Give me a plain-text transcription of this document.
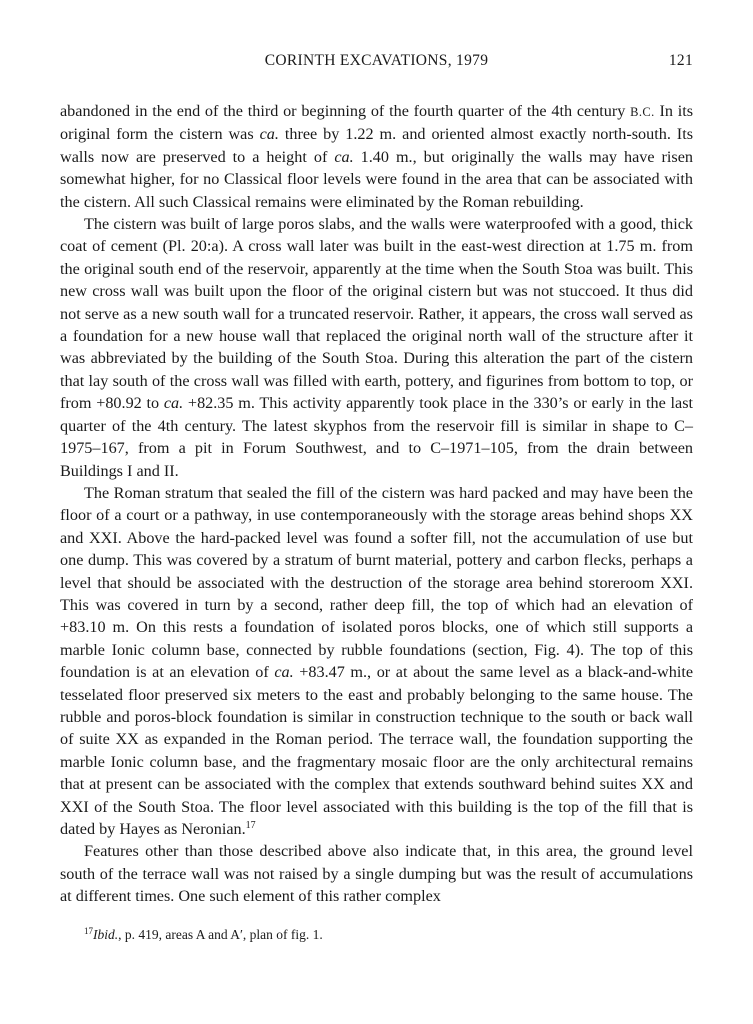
CORINTH EXCAVATIONS, 1979	121

abandoned in the end of the third or beginning of the fourth quarter of the 4th century B.C. In its original form the cistern was ca. three by 1.22 m. and oriented almost exactly north-south. Its walls now are preserved to a height of ca. 1.40 m., but originally the walls may have risen somewhat higher, for no Classical floor levels were found in the area that can be associated with the cistern. All such Classical remains were eliminated by the Roman rebuilding.

The cistern was built of large poros slabs, and the walls were waterproofed with a good, thick coat of cement (Pl. 20:a). A cross wall later was built in the east-west direction at 1.75 m. from the original south end of the reservoir, apparently at the time when the South Stoa was built. This new cross wall was built upon the floor of the original cistern but was not stuccoed. It thus did not serve as a new south wall for a truncated reservoir. Rather, it appears, the cross wall served as a foundation for a new house wall that replaced the original north wall of the structure after it was abbreviated by the building of the South Stoa. During this alteration the part of the cistern that lay south of the cross wall was filled with earth, pottery, and figurines from bottom to top, or from +80.92 to ca. +82.35 m. This activity apparently took place in the 330’s or early in the last quarter of the 4th century. The latest skyphos from the reservoir fill is similar in shape to C–1975–167, from a pit in Forum Southwest, and to C–1971–105, from the drain between Buildings I and II.

The Roman stratum that sealed the fill of the cistern was hard packed and may have been the floor of a court or a pathway, in use contemporaneously with the storage areas behind shops XX and XXI. Above the hard-packed level was found a softer fill, not the accumulation of use but one dump. This was covered by a stratum of burnt material, pottery and carbon flecks, perhaps a level that should be associated with the destruction of the storage area behind storeroom XXI. This was covered in turn by a second, rather deep fill, the top of which had an elevation of +83.10 m. On this rests a foundation of isolated poros blocks, one of which still supports a marble Ionic column base, connected by rubble foundations (section, Fig. 4). The top of this foundation is at an elevation of ca. +83.47 m., or at about the same level as a black-and-white tesselated floor preserved six meters to the east and probably belonging to the same house. The rubble and poros-block foundation is similar in construction technique to the south or back wall of suite XX as expanded in the Roman period. The terrace wall, the foundation supporting the marble Ionic column base, and the fragmentary mosaic floor are the only architectural remains that at present can be associated with the complex that extends southward behind suites XX and XXI of the South Stoa. The floor level associated with this building is the top of the fill that is dated by Hayes as Neronian.$^{17}$

Features other than those described above also indicate that, in this area, the ground level south of the terrace wall was not raised by a single dumping but was the result of accumulations at different times. One such element of this rather complex

$^{17}$Ibid., p. 419, areas A and A′, plan of fig. 1.
